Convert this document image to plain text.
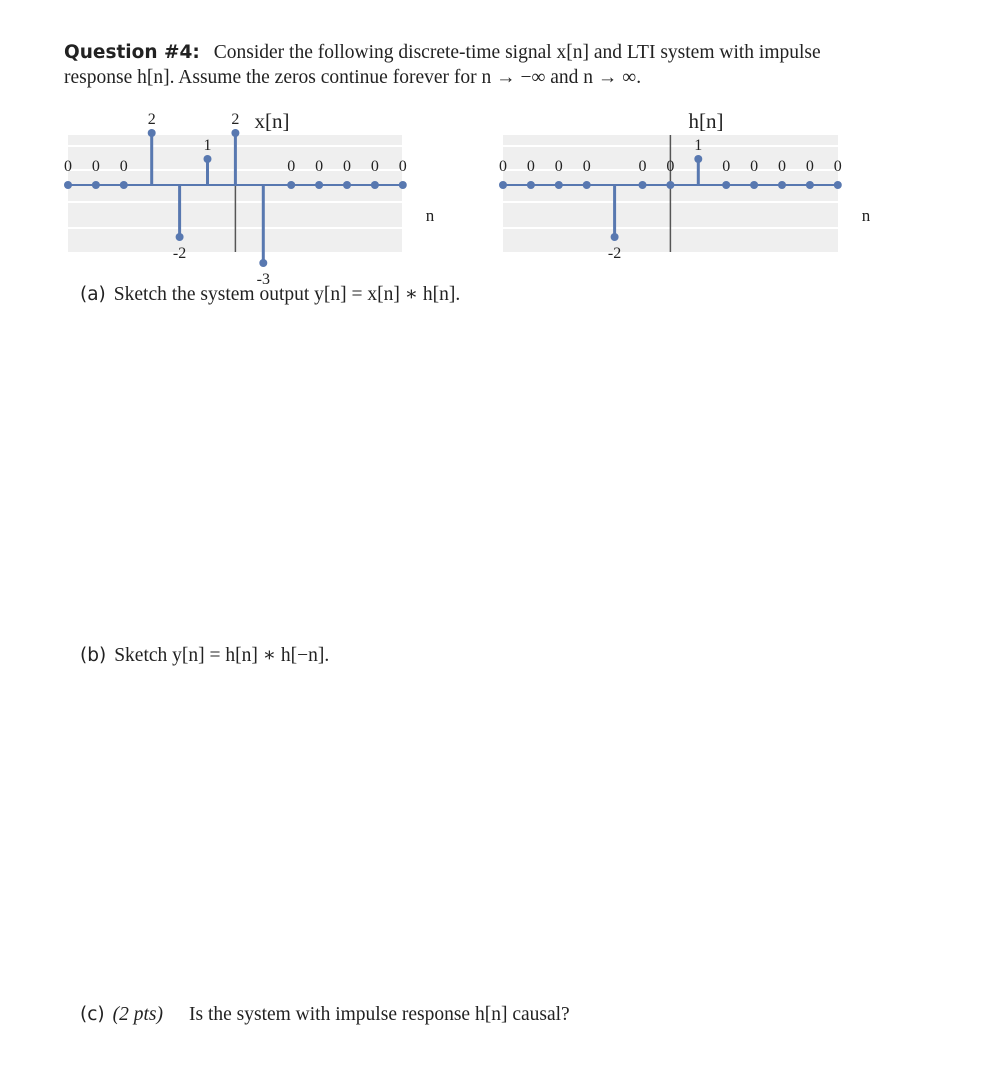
Question #4: Consider the following discrete-time signal x[n] and LTI system with impulse
response h[n]. Assume the zeros continue forever for n → −∞ and n → ∞.
x[n]
n
0 0 0
2
-2
1
2
-3
0 0 0 0 0
h[n]
n
0 0 0 0
-2
0 0
1
0 0 0 0 0
(a) Sketch the system output y[n] = x[n] ∗ h[n].
(b) Sketch y[n] = h[n] ∗ h[−n].
(c) (2 pts) Is the system with impulse response h[n] causal?
